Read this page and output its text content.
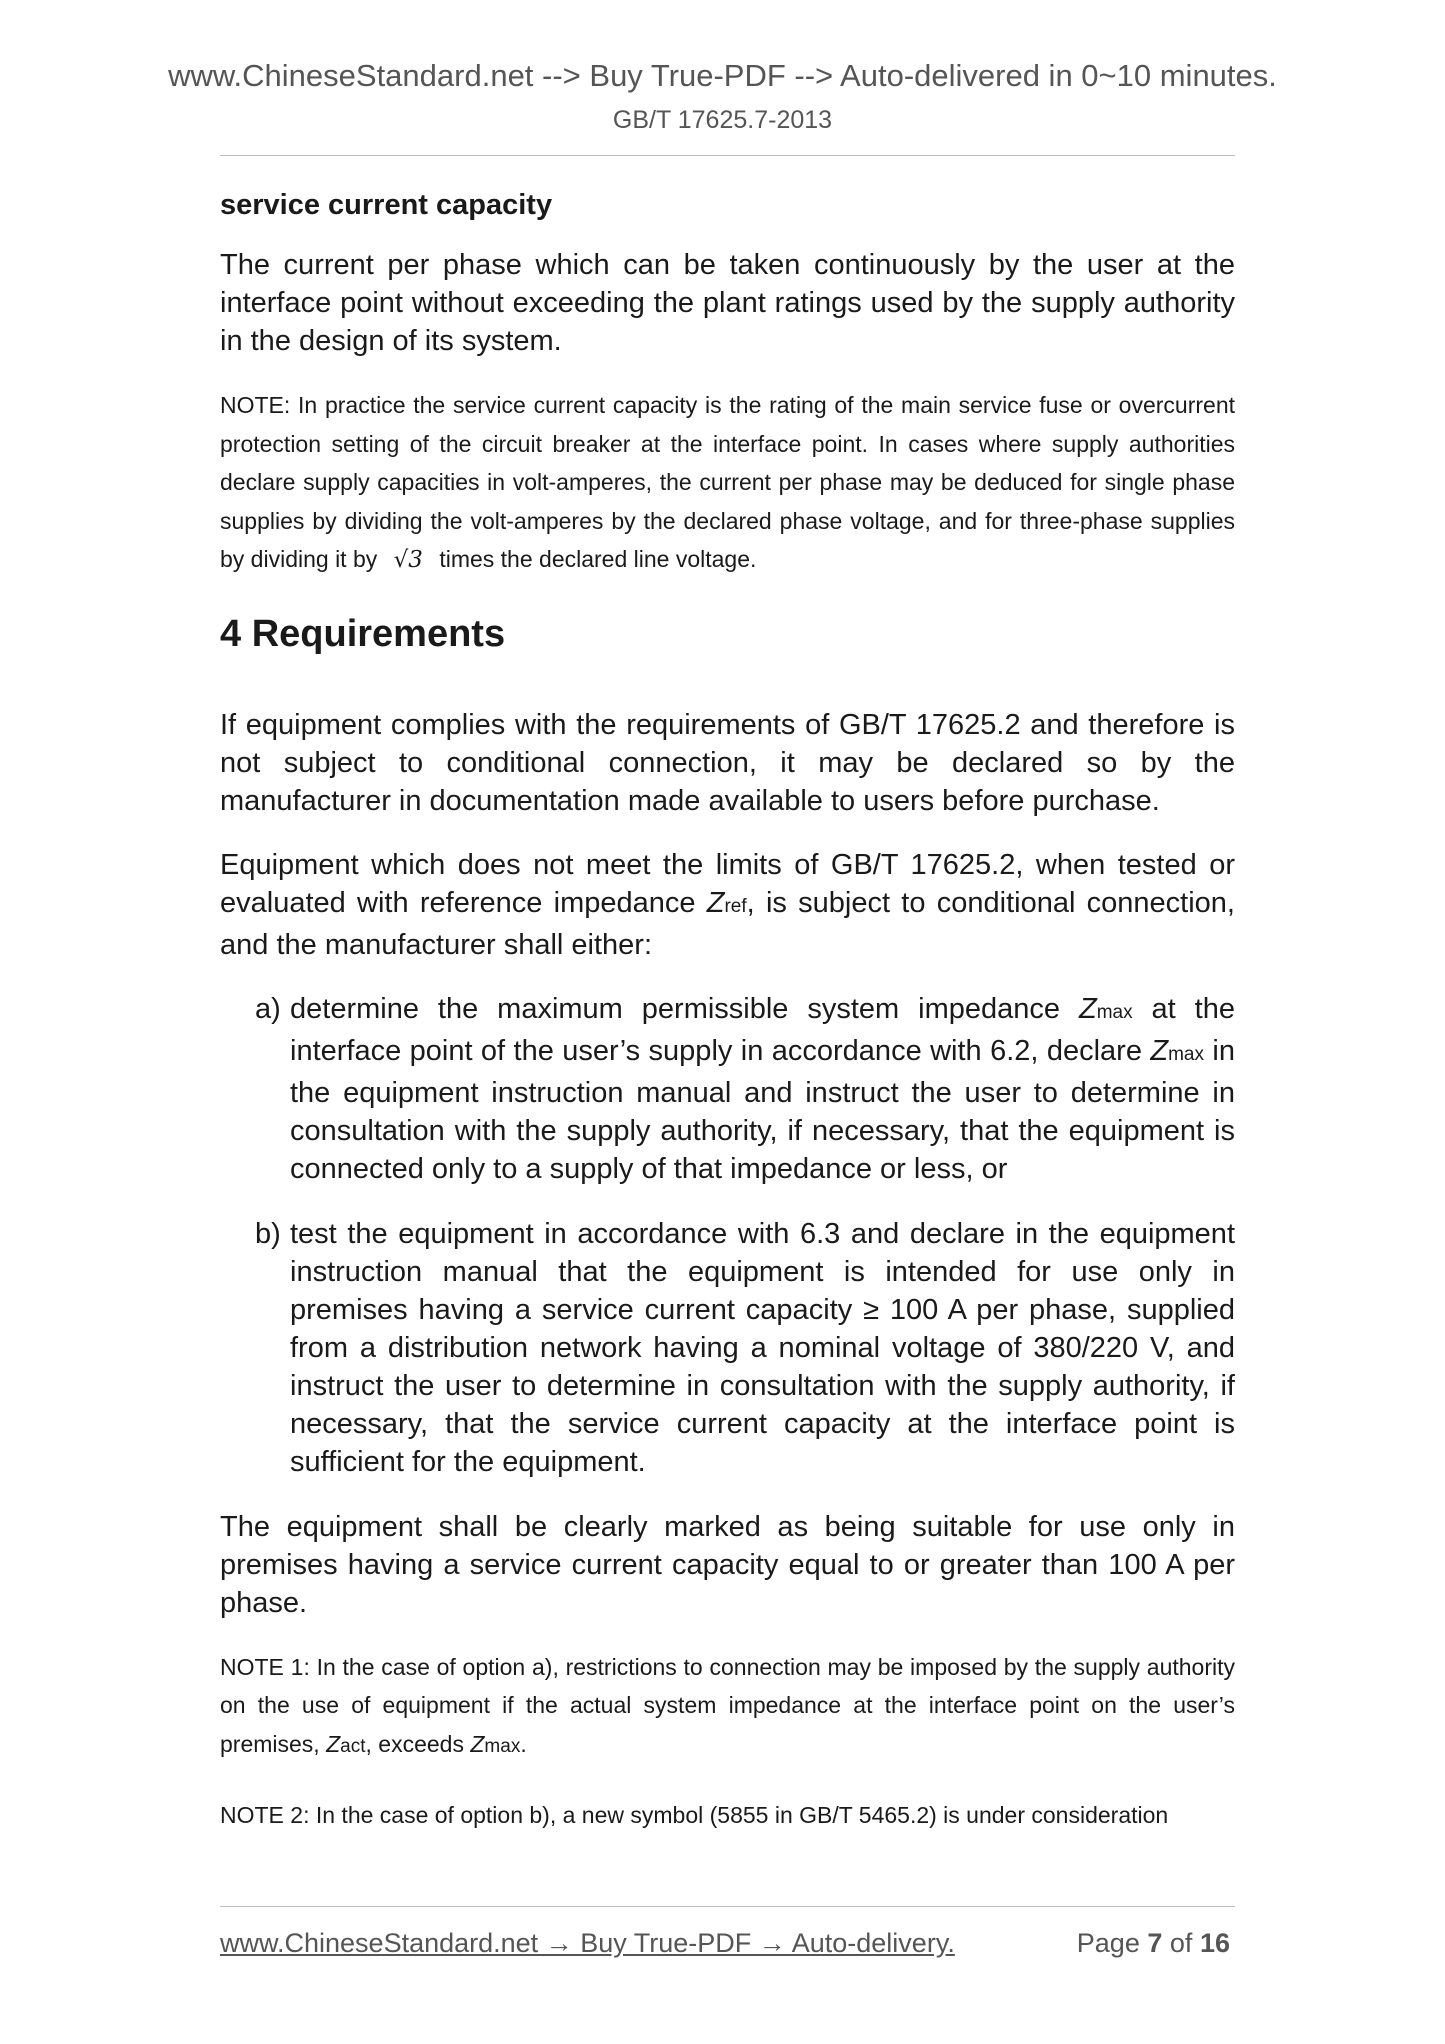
www.ChineseStandard.net --> Buy True-PDF --> Auto-delivered in 0~10 minutes.
GB/T 17625.7-2013
service current capacity

The current per phase which can be taken continuously by the user at the interface point without exceeding the plant ratings used by the supply authority in the design of its system.

NOTE: In practice the service current capacity is the rating of the main service fuse or overcurrent protection setting of the circuit breaker at the interface point. In cases where supply authorities declare supply capacities in volt-amperes, the current per phase may be deduced for single phase supplies by dividing the volt-amperes by the declared phase voltage, and for three-phase supplies by dividing it by √3 times the declared line voltage.

4 Requirements

If equipment complies with the requirements of GB/T 17625.2 and therefore is not subject to conditional connection, it may be declared so by the manufacturer in documentation made available to users before purchase.

Equipment which does not meet the limits of GB/T 17625.2, when tested or evaluated with reference impedance Zref, is subject to conditional connection, and the manufacturer shall either:

a) determine the maximum permissible system impedance Zmax at the interface point of the user’s supply in accordance with 6.2, declare Zmax in the equipment instruction manual and instruct the user to determine in consultation with the supply authority, if necessary, that the equipment is connected only to a supply of that impedance or less, or
b) test the equipment in accordance with 6.3 and declare in the equipment instruction manual that the equipment is intended for use only in premises having a service current capacity ≥ 100 A per phase, supplied from a distribution network having a nominal voltage of 380/220 V, and instruct the user to determine in consultation with the supply authority, if necessary, that the service current capacity at the interface point is sufficient for the equipment.

The equipment shall be clearly marked as being suitable for use only in premises having a service current capacity equal to or greater than 100 A per phase.

NOTE 1: In the case of option a), restrictions to connection may be imposed by the supply authority on the use of equipment if the actual system impedance at the interface point on the user’s premises, Zact, exceeds Zmax.

NOTE 2: In the case of option b), a new symbol (5855 in GB/T 5465.2) is under consideration

www.ChineseStandard.net → Buy True-PDF → Auto-delivery.	Page 7 of 16
